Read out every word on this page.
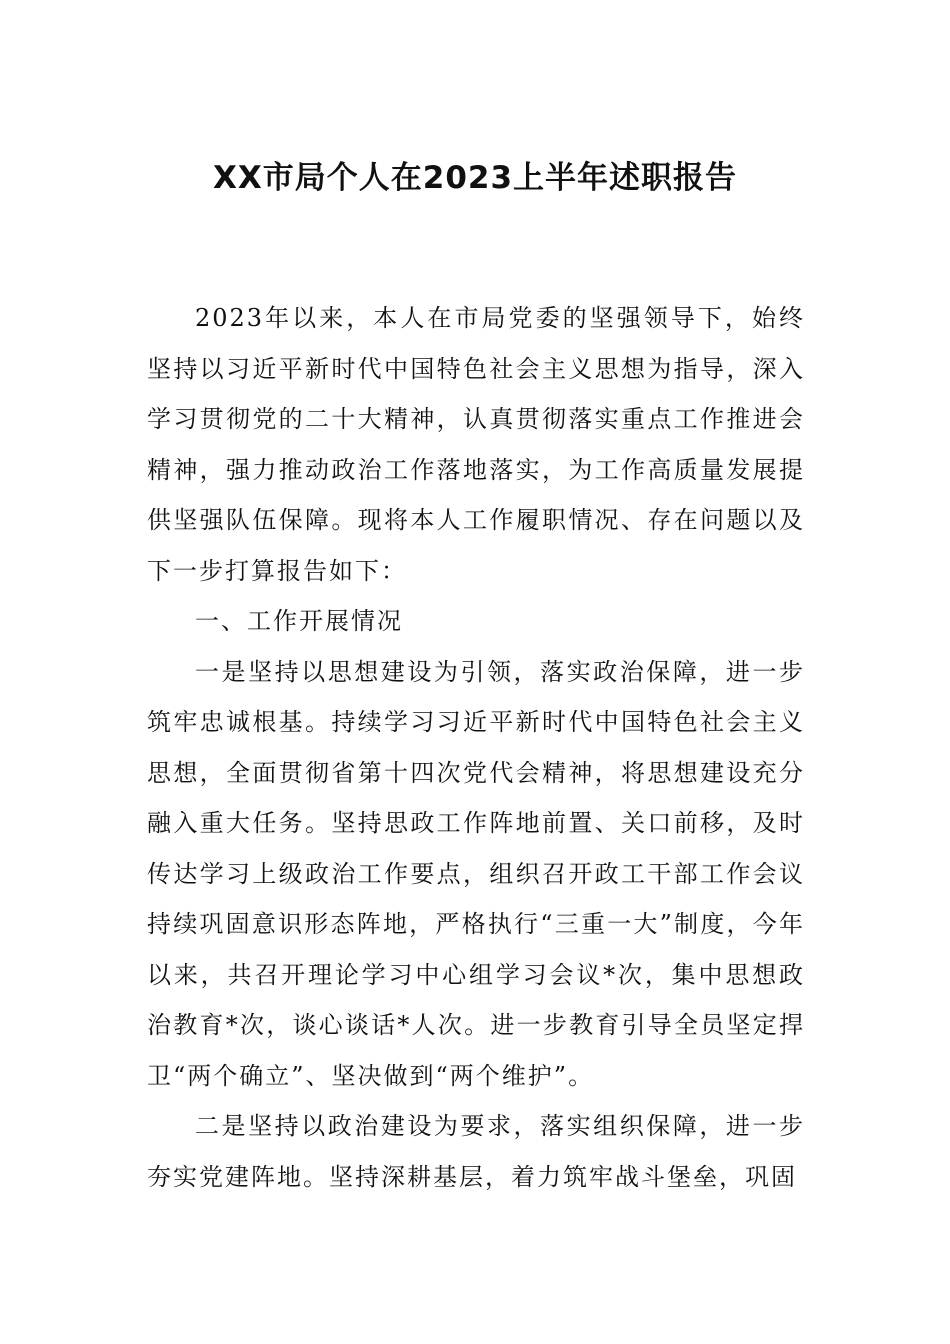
XX市局个人在2023上半年述职报告

2023年以来，本人在市局党委的坚强领导下，始终坚持以习近平新时代中国特色社会主义思想为指导，深入学习贯彻党的二十大精神，认真贯彻落实重点工作推进会精神，强力推动政治工作落地落实，为工作高质量发展提供坚强队伍保障。现将本人工作履职情况、存在问题以及下一步打算报告如下：

一、工作开展情况

一是坚持以思想建设为引领，落实政治保障，进一步筑牢忠诚根基。持续学习习近平新时代中国特色社会主义思想，全面贯彻省第十四次党代会精神，将思想建设充分融入重大任务。坚持思政工作阵地前置、关口前移，及时传达学习上级政治工作要点，组织召开政工干部工作会议持续巩固意识形态阵地，严格执行“三重一大”制度，今年以来，共召开理论学习中心组学习会议*次，集中思想政治教育*次，谈心谈话*人次。进一步教育引导全员坚定捍卫“两个确立”、坚决做到“两个维护”。

二是坚持以政治建设为要求，落实组织保障，进一步夯实党建阵地。坚持深耕基层，着力筑牢战斗堡垒，巩固
